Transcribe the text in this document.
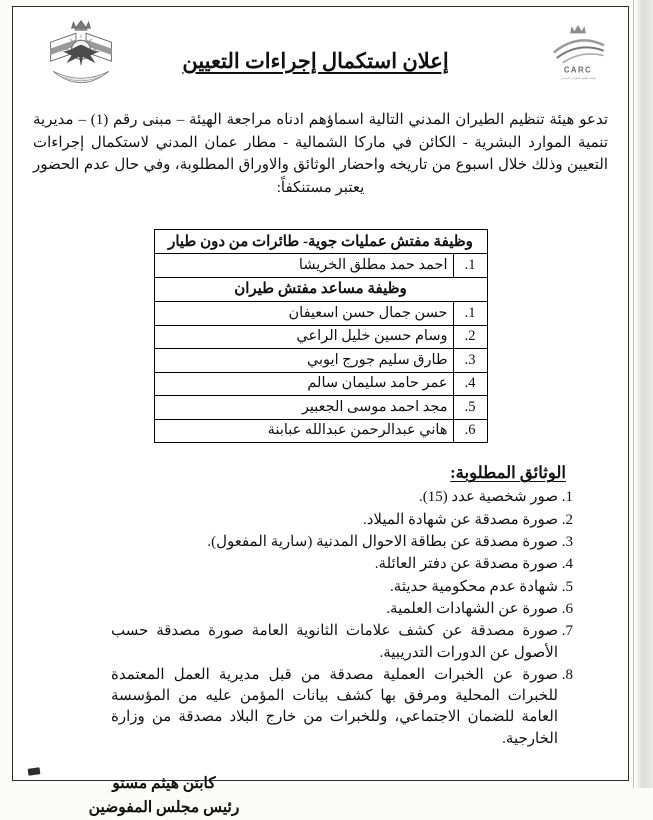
إعلان استكمال إجراءات التعيين	CARC
هيئة تنظيم الطيران المدني

تدعو هيئة تنظيم الطيران المدني التالية اسماؤهم ادناه مراجعة الهيئة – مبنى رقم (1) – مديرية تنمية الموارد البشرية - الكائن في ماركا الشمالية - مطار عمان المدني لاستكمال إجراءات التعيين وذلك خلال اسبوع من تاريخه واحضار الوثائق والاوراق المطلوبة، وفي حال عدم الحضور يعتبر مستنكفاً:

وظيفة مفتش عمليات جوية- طائرات من دون طيار	
1.	احمد حمد مطلق الخريشا
وظيفة مساعد مفتش طيران	
1.	حسن جمال حسن اسعيفان
2.	وسام حسين خليل الراعي
3.	طارق سليم جورج ايوبي
4.	عمر حامد سليمان سالم
5.	مجد احمد موسى الجعبير
6.	هاني عبدالرحمن عبدالله عبابنة
الوثائق المطلوبة:
1. صور شخصية عدد (15).
2. صورة مصدقة عن شهادة الميلاد.
3. صورة مصدقة عن بطاقة الاحوال المدنية (سارية المفعول).
4. صورة مصدقة عن دفتر العائلة.
5. شهادة عدم محكومية حديثة.
6. صورة عن الشهادات العلمية.
7. صورة مصدقة عن كشف علامات الثانوية العامة صورة مصدقة حسب الأصول عن الدورات التدريبية.
8. صورة عن الخبرات العملية مصدقة من قبل مديرية العمل المعتمدة للخبرات المحلية ومرفق بها كشف بيانات المؤمن عليه من المؤسسة العامة للضمان الاجتماعي، وللخبرات من خارج البلاد مصدقة من وزارة الخارجية.
كابتن هيثم مستو
رئيس مجلس المفوضين
